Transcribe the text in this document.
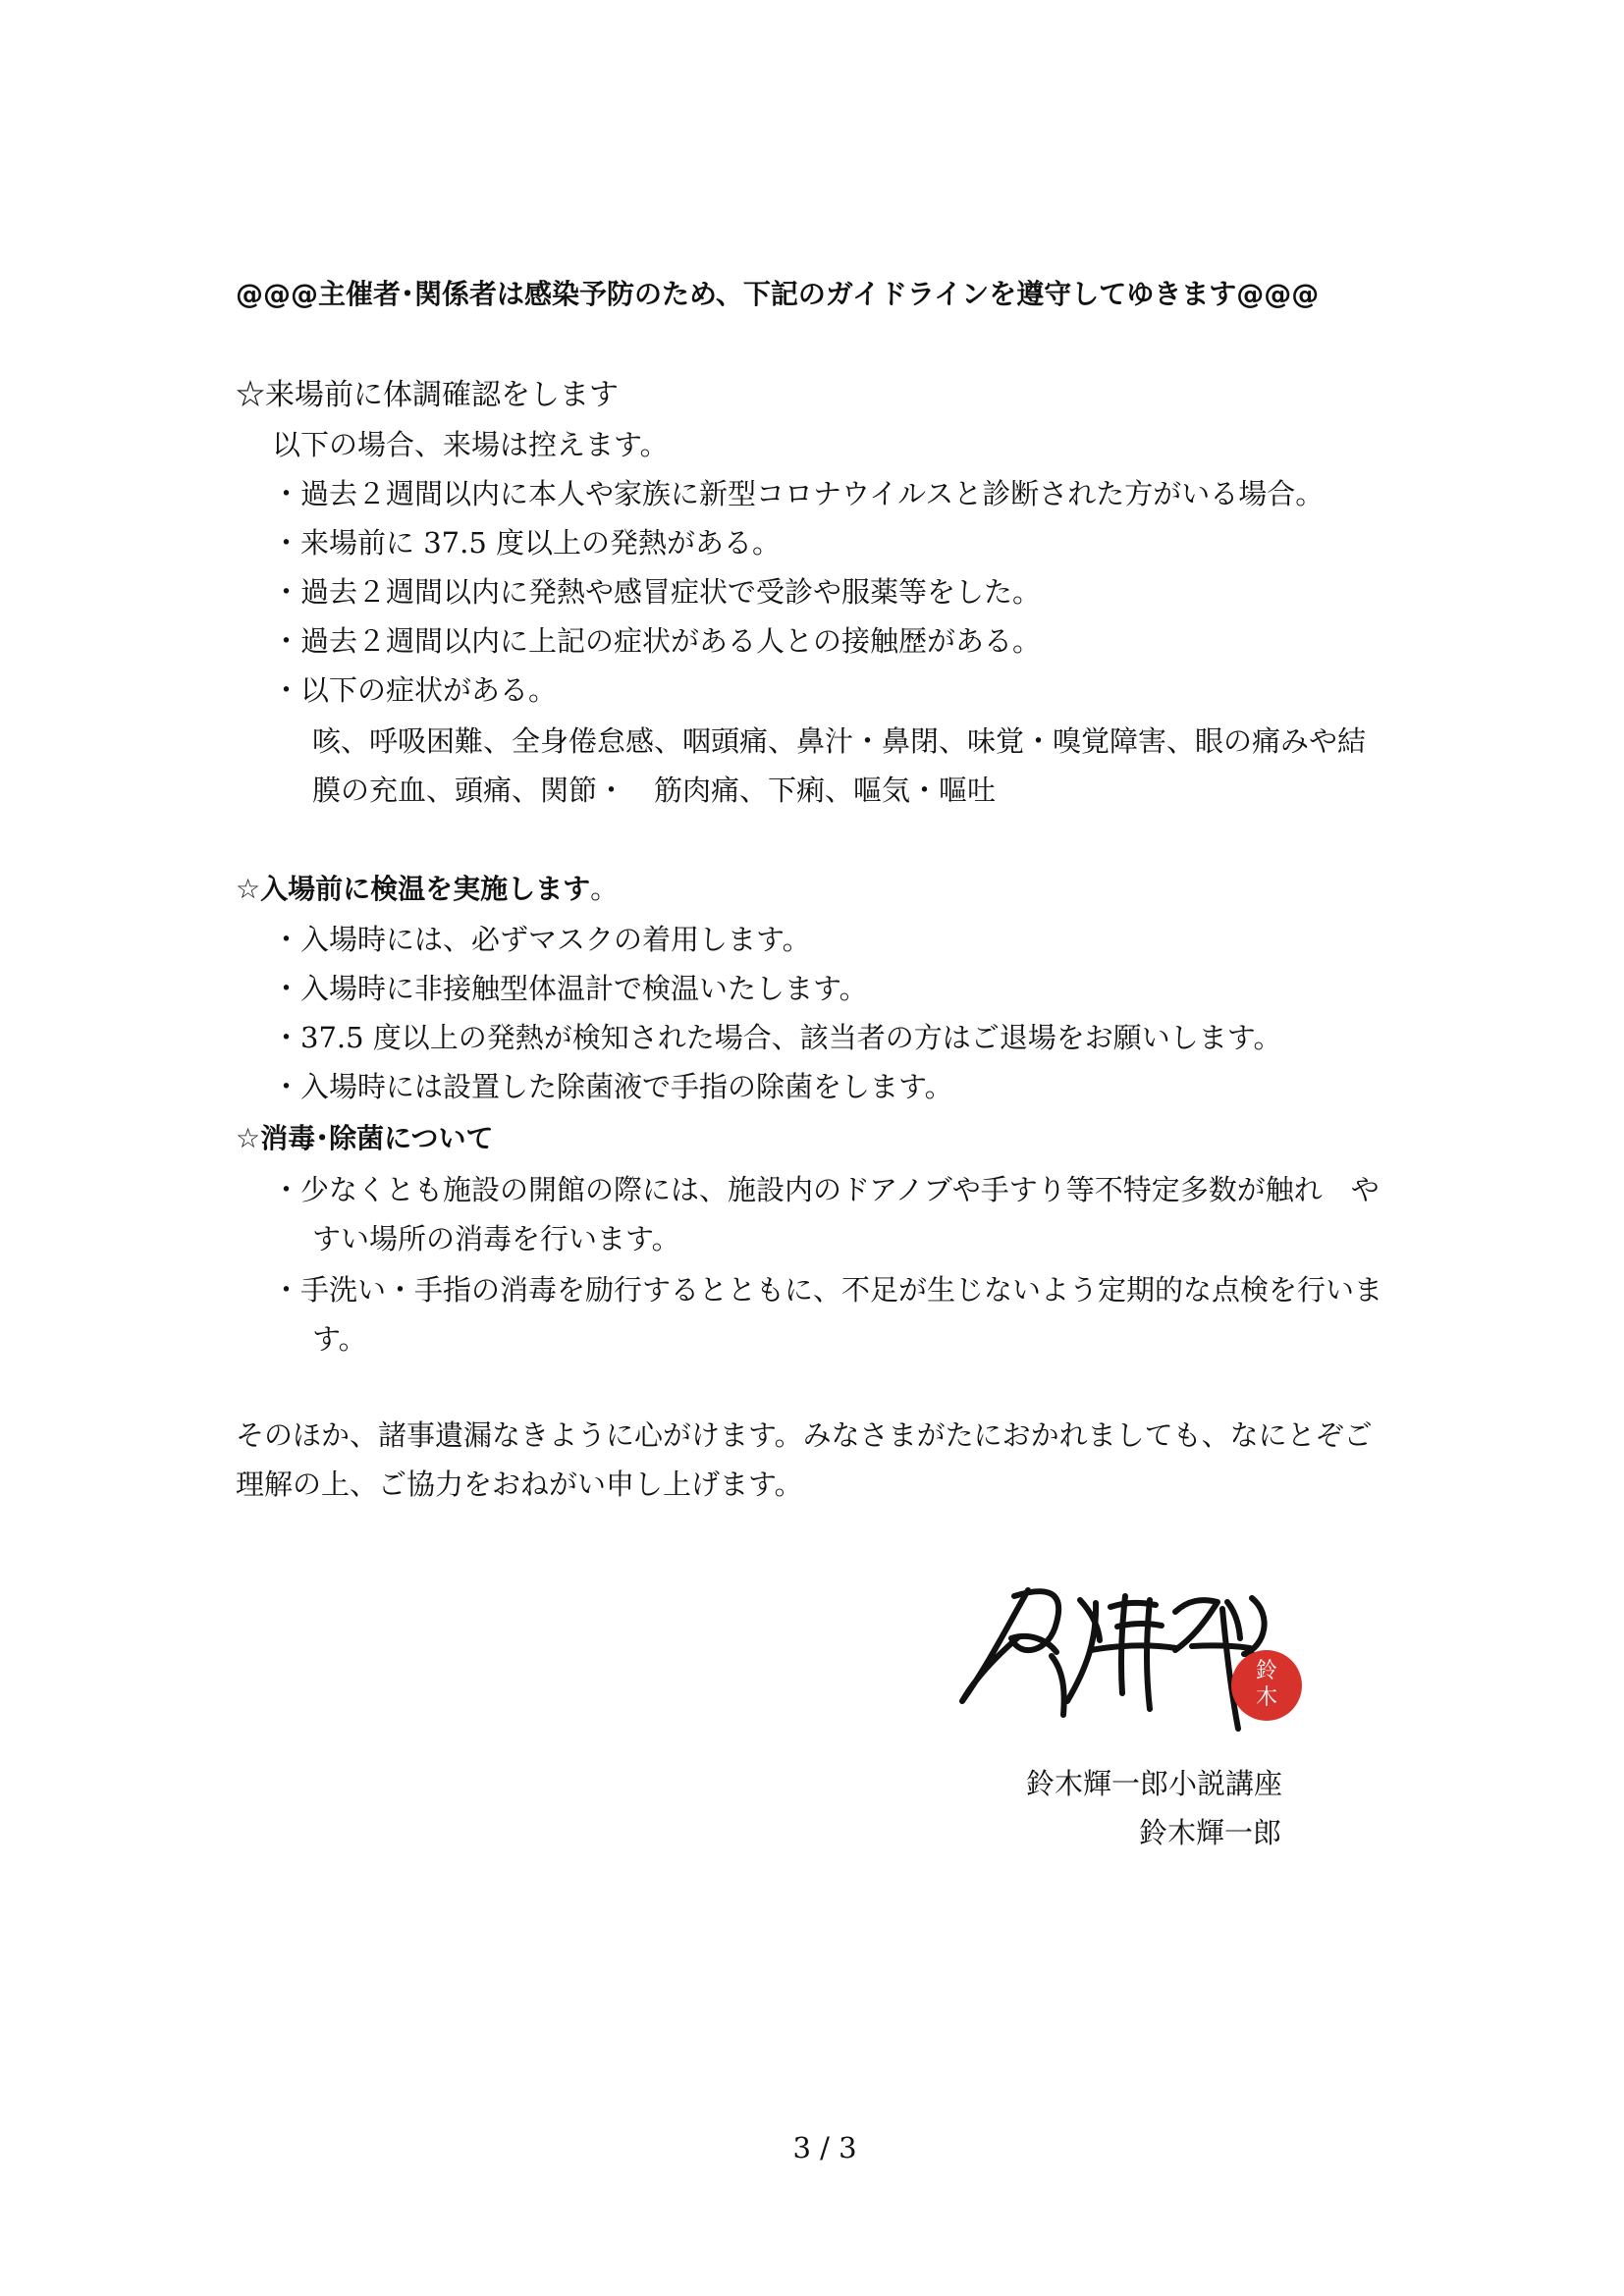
@@@主催者･関係者は感染予防のため、下記のガイドラインを遵守してゆきます@@@
☆来場前に体調確認をします
以下の場合、来場は控えます。
・過去２週間以内に本人や家族に新型コロナウイルスと診断された方がいる場合。
・来場前に 37.5 度以上の発熱がある。
・過去２週間以内に発熱や感冒症状で受診や服薬等をした。
・過去２週間以内に上記の症状がある人との接触歴がある。
・以下の症状がある。
咳、呼吸困難、全身倦怠感、咽頭痛、鼻汁・鼻閉、味覚・嗅覚障害、眼の痛みや結
膜の充血、頭痛、関節・　筋肉痛、下痢、嘔気・嘔吐
☆入場前に検温を実施します。
・入場時には、必ずマスクの着用します。
・入場時に非接触型体温計で検温いたします。
・37.5 度以上の発熱が検知された場合、該当者の方はご退場をお願いします。
・入場時には設置した除菌液で手指の除菌をします。
☆消毒･除菌について
・少なくとも施設の開館の際には、施設内のドアノブや手すり等不特定多数が触れ　や
すい場所の消毒を行います。
・手洗い・手指の消毒を励行するとともに、不足が生じないよう定期的な点検を行いま
す。
そのほか、諸事遺漏なきように心がけます。みなさまがたにおかれましても、なにとぞご
理解の上、ご協力をおねがい申し上げます。
鈴
木
鈴木輝一郎小説講座
鈴木輝一郎
3 / 3
